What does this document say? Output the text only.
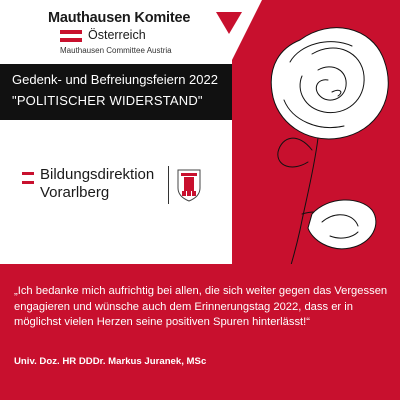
Mauthausen Komitee
Österreich
Mauthausen Committee Austria
Gedenk- und Befreiungsfeiern 2022
"POLITISCHER WIDERSTAND"
Bildungsdirektion
Vorarlberg
„Ich bedanke mich aufrichtig bei allen, die sich weiter gegen das Vergessen engagieren und wünsche auch dem Erinnerungstag 2022, dass er in möglichst vielen Herzen seine positiven Spuren hinterlässt!“
Univ. Doz. HR DDDr. Markus Juranek, MSc
